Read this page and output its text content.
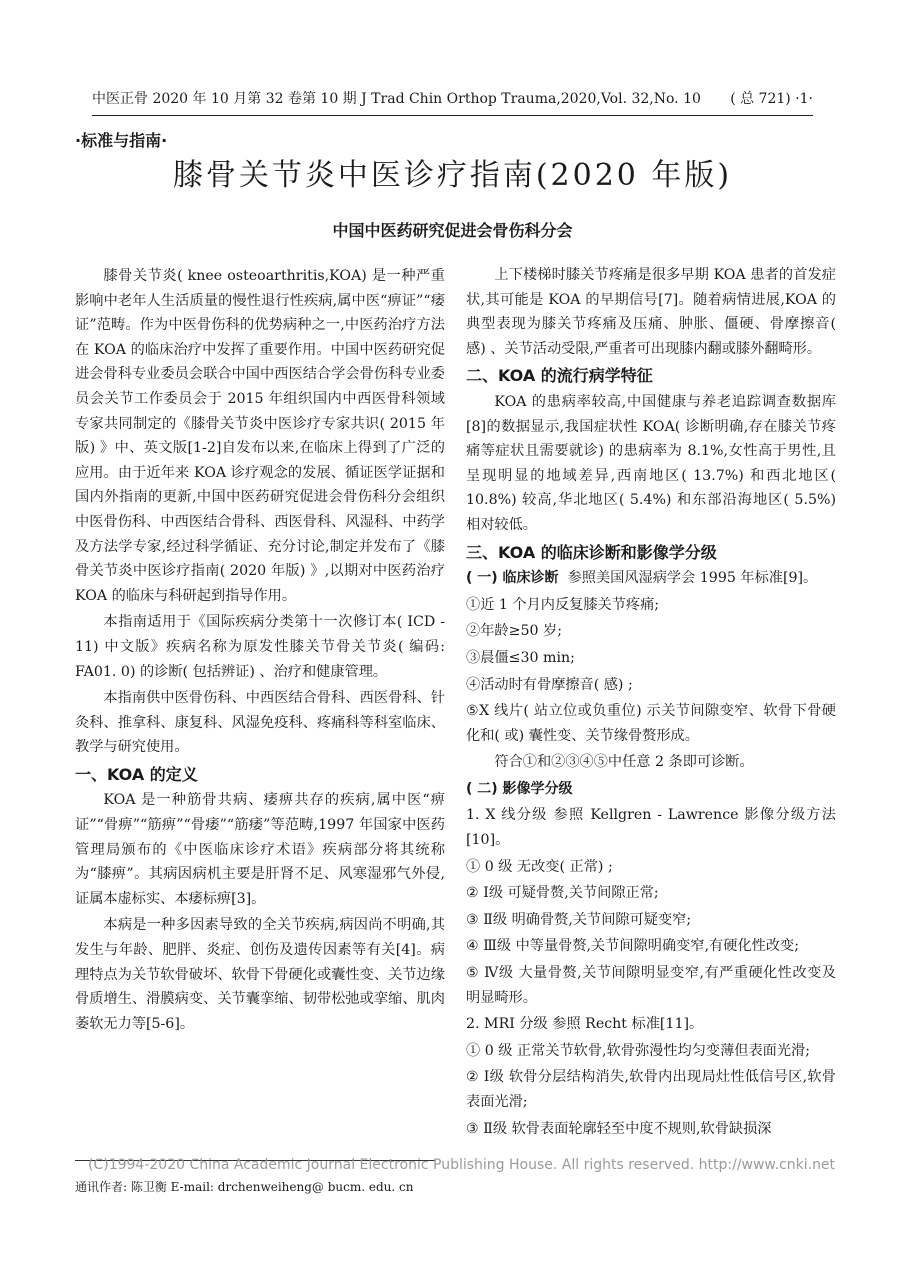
中医正骨 2020 年 10 月第 32 卷第 10 期 J Trad Chin Orthop Trauma,2020,Vol. 32,No. 10 ( 总 721) ·1·
·标准与指南·
膝骨关节炎中医诊疗指南(2020 年版)
中国中医药研究促进会骨伤科分会

膝骨关节炎( knee osteoarthritis,KOA) 是一种严重影响中老年人生活质量的慢性退行性疾病,属中医“痹证”“痿证”范畴。作为中医骨伤科的优势病种之一,中医药治疗方法在 KOA 的临床治疗中发挥了重要作用。中国中医药研究促进会骨科专业委员会联合中国中西医结合学会骨伤科专业委员会关节工作委员会于 2015 年组织国内中西医骨科领域专家共同制定的《膝骨关节炎中医诊疗专家共识( 2015 年版) 》中、英文版[1-2]自发布以来,在临床上得到了广泛的应用。由于近年来 KOA 诊疗观念的发展、循证医学证据和国内外指南的更新,中国中医药研究促进会骨伤科分会组织中医骨伤科、中西医结合骨科、西医骨科、风湿科、中药学及方法学专家,经过科学循证、充分讨论,制定并发布了《膝骨关节炎中医诊疗指南( 2020 年版) 》,以期对中医药治疗 KOA 的临床与科研起到指导作用。

本指南适用于《国际疾病分类第十一次修订本( ICD - 11) 中文版》疾病名称为原发性膝关节骨关节炎( 编码: FA01. 0) 的诊断( 包括辨证) 、治疗和健康管理。

本指南供中医骨伤科、中西医结合骨科、西医骨科、针灸科、推拿科、康复科、风湿免疫科、疼痛科等科室临床、教学与研究使用。

一、KOA 的定义

KOA 是一种筋骨共病、痿痹共存的疾病,属中医“痹证”“骨痹”“筋痹”“骨痿”“筋痿”等范畴,1997 年国家中医药管理局颁布的《中医临床诊疗术语》疾病部分将其统称为“膝痹”。其病因病机主要是肝肾不足、风寒湿邪气外侵,证属本虚标实、本痿标痹[3]。

本病是一种多因素导致的全关节疾病,病因尚不明确,其发生与年龄、肥胖、炎症、创伤及遗传因素等有关[4]。病理特点为关节软骨破坏、软骨下骨硬化或囊性变、关节边缘骨质增生、滑膜病变、关节囊挛缩、韧带松弛或挛缩、肌肉萎软无力等[5-6]。

上下楼梯时膝关节疼痛是很多早期 KOA 患者的首发症状,其可能是 KOA 的早期信号[7]。随着病情进展,KOA 的典型表现为膝关节疼痛及压痛、肿胀、僵硬、骨摩擦音( 感) 、关节活动受限,严重者可出现膝内翻或膝外翻畸形。

二、KOA 的流行病学特征

KOA 的患病率较高,中国健康与养老追踪调查数据库[8]的数据显示,我国症状性 KOA( 诊断明确,存在膝关节疼痛等症状且需要就诊) 的患病率为 8.1%,女性高于男性,且呈现明显的地域差异,西南地区( 13.7%) 和西北地区( 10.8%) 较高,华北地区( 5.4%) 和东部沿海地区( 5.5%) 相对较低。

三、KOA 的临床诊断和影像学分级

( 一) 临床诊断 参照美国风湿病学会 1995 年标准[9]。

①近 1 个月内反复膝关节疼痛;

②年龄≥50 岁;

③晨僵≤30 min;

④活动时有骨摩擦音( 感) ;

⑤X 线片( 站立位或负重位) 示关节间隙变窄、软骨下骨硬化和( 或) 囊性变、关节缘骨赘形成。

符合①和②③④⑤中任意 2 条即可诊断。

( 二) 影像学分级

1. X 线分级 参照 Kellgren - Lawrence 影像分级方法[10]。

① 0 级 无改变( 正常) ;

② Ⅰ级 可疑骨赘,关节间隙正常;

③ Ⅱ级 明确骨赘,关节间隙可疑变窄;

④ Ⅲ级 中等量骨赘,关节间隙明确变窄,有硬化性改变;

⑤ Ⅳ级 大量骨赘,关节间隙明显变窄,有严重硬化性改变及明显畸形。

2. MRI 分级 参照 Recht 标准[11]。

① 0 级 正常关节软骨,软骨弥漫性均匀变薄但表面光滑;

② Ⅰ级 软骨分层结构消失,软骨内出现局灶性低信号区,软骨表面光滑;

③ Ⅱ级 软骨表面轮廓轻至中度不规则,软骨缺损深

(C)1994-2020 China Academic Journal Electronic Publishing House. All rights reserved. http://www.cnki.net
通讯作者: 陈卫衡 E-mail: drchenweiheng@ bucm. edu. cn
